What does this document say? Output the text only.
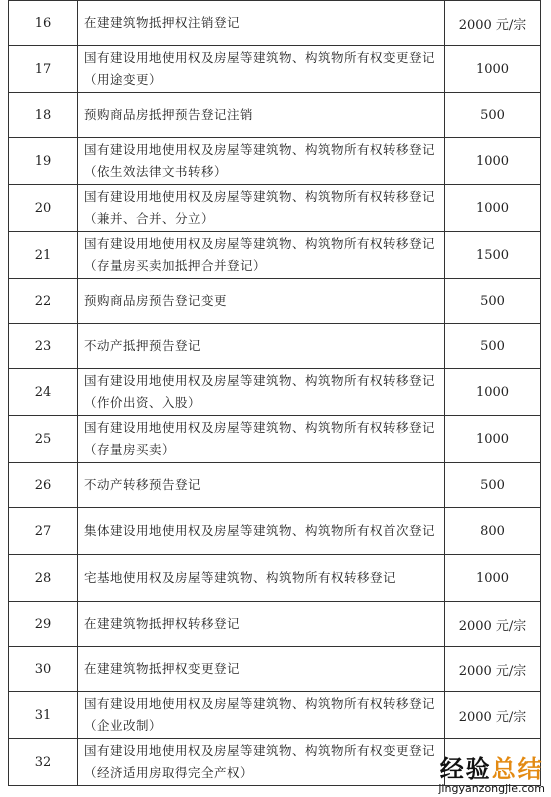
16	在建建筑物抵押权注销登记	2000 元/宗
17	国有建设用地使用权及房屋等建筑物、构筑物所有权变更登记（用途变更）	1000
18	预购商品房抵押预告登记注销	500
19	国有建设用地使用权及房屋等建筑物、构筑物所有权转移登记（依生效法律文书转移）	1000
20	国有建设用地使用权及房屋等建筑物、构筑物所有权转移登记（兼并、合并、分立）	1000
21	国有建设用地使用权及房屋等建筑物、构筑物所有权转移登记（存量房买卖加抵押合并登记）	1500
22	预购商品房预告登记变更	500
23	不动产抵押预告登记	500
24	国有建设用地使用权及房屋等建筑物、构筑物所有权转移登记（作价出资、入股）	1000
25	国有建设用地使用权及房屋等建筑物、构筑物所有权转移登记（存量房买卖）	1000
26	不动产转移预告登记	500
27	集体建设用地使用权及房屋等建筑物、构筑物所有权首次登记	800
28	宅基地使用权及房屋等建筑物、构筑物所有权转移登记	1000
29	在建建筑物抵押权转移登记	2000 元/宗
30	在建建筑物抵押权变更登记	2000 元/宗
31	国有建设用地使用权及房屋等建筑物、构筑物所有权转移登记（企业改制）	2000 元/宗
32	国有建设用地使用权及房屋等建筑物、构筑物所有权变更登记（经济适用房取得完全产权）		经验总结
jingyanzongjie.com
